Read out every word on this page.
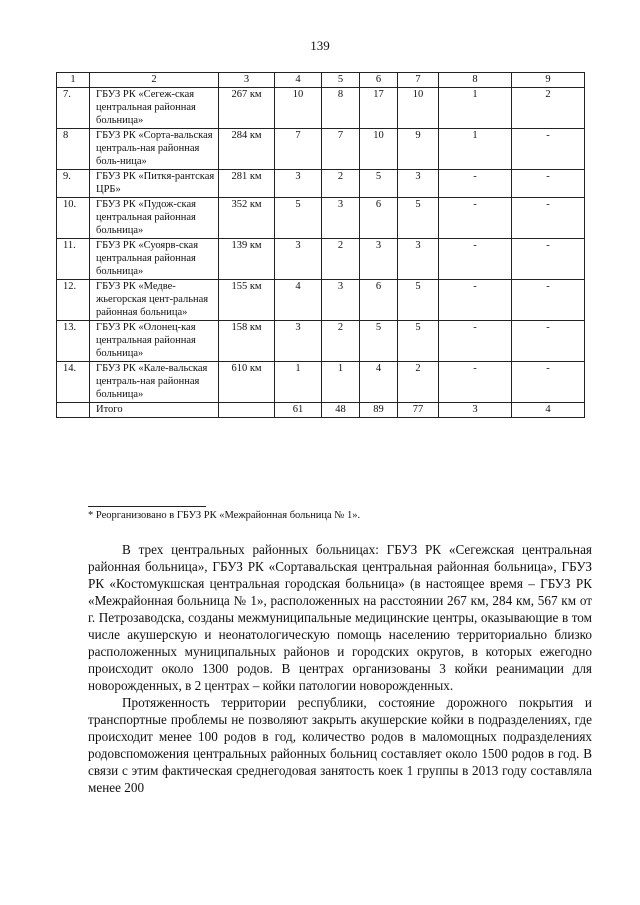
139
1	2	3	4	5	6	7	8	9
7.	ГБУЗ РК «Сегеж-ская центральная районная больница»	267 км	10	8	17	10	1	2
8	ГБУЗ РК «Сорта-вальская централь-ная районная боль-ница»	284 км	7	7	10	9	1	-
9.	ГБУЗ РК «Питкя-рантская ЦРБ»	281 км	3	2	5	3	-	-
10.	ГБУЗ РК «Пудож-ская центральная районная больница»	352 км	5	3	6	5	-	-
11.	ГБУЗ РК «Суоярв-ская центральная районная больница»	139 км	3	2	3	3	-	-
12.	ГБУЗ РК «Медве-жьегорская цент-ральная районная больница»	155 км	4	3	6	5	-	-
13.	ГБУЗ РК «Олонец-кая центральная районная больница»	158 км	3	2	5	5	-	-
14.	ГБУЗ РК «Кале-вальская централь-ная районная больница»	610 км	1	1	4	2	-	-
	Итого		61	48	89	77	3	4
* Реорганизовано в ГБУЗ РК «Межрайонная больница № 1».

В трех центральных районных больницах: ГБУЗ РК «Сегежская центральная районная больница», ГБУЗ РК «Сортавальская центральная районная больница», ГБУЗ РК «Костомукшская центральная городская больница» (в настоящее время – ГБУЗ РК «Межрайонная больница № 1», расположенных на расстоянии 267 км, 284 км, 567 км от г. Петрозаводска, созданы межмуниципальные медицинские центры, оказывающие в том числе акушерскую и неонатологическую помощь населению территориально близко расположенных муниципальных районов и городских округов, в которых ежегодно происходит около 1300 родов. В центрах организованы 3 койки реанимации для новорожденных, в 2 центрах – койки патологии новорожденных.

Протяженность территории республики, состояние дорожного покрытия и транспортные проблемы не позволяют закрыть акушерские койки в подразделениях, где происходит менее 100 родов в год, количество родов в маломощных подразделениях родовспоможения центральных районных больниц составляет около 1500 родов в год. В связи с этим фактическая среднегодовая занятость коек 1 группы в 2013 году составляла менее 200
